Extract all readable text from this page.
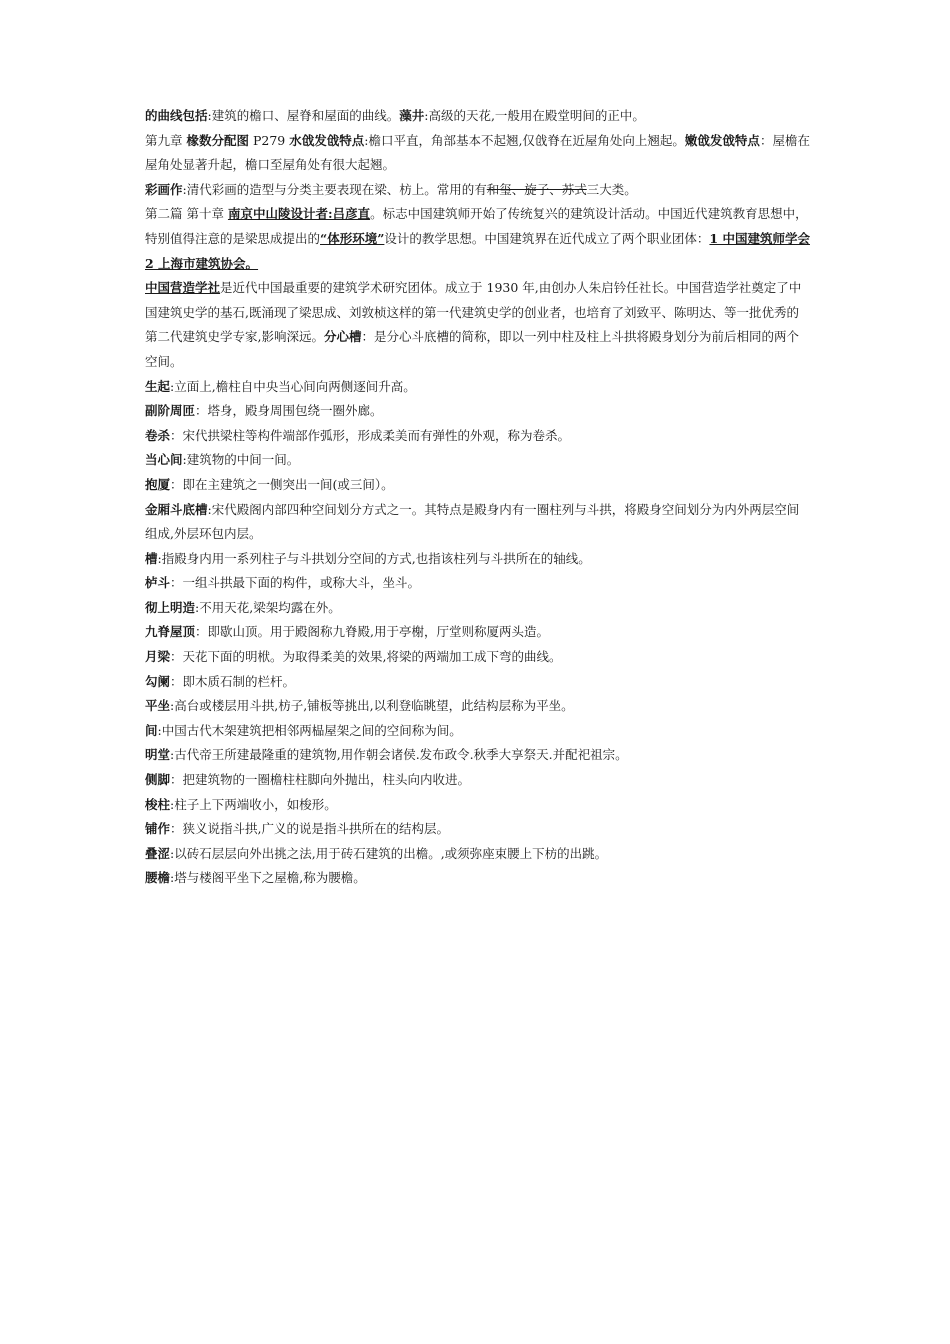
的曲线包括:建筑的檐口、屋脊和屋面的曲线。藻井:高级的天花,一般用在殿堂明间的正中。

第九章 椽数分配图 P279 水戗发戗特点:檐口平直，角部基本不起翘,仅戗脊在近屋角处向上翘起。嫩戗发戗特点：屋檐在屋角处显著升起，檐口至屋角处有很大起翘。

彩画作:清代彩画的造型与分类主要表现在梁、枋上。常用的有和玺、旋子、苏式三大类。

第二篇 第十章 南京中山陵设计者:吕彦直。标志中国建筑师开始了传统复兴的建筑设计活动。中国近代建筑教育思想中，特别值得注意的是梁思成提出的“体形环境”设计的教学思想。中国建筑界在近代成立了两个职业团体：1 中国建筑师学会 2 上海市建筑协会。

中国营造学社是近代中国最重要的建筑学术研究团体。成立于 1930 年,由创办人朱启钤任社长。中国营造学社奠定了中国建筑史学的基石,既涌现了梁思成、刘敦桢这样的第一代建筑史学的创业者，也培育了刘致平、陈明达、等一批优秀的第二代建筑史学专家,影响深远。分心槽：是分心斗底槽的简称，即以一列中柱及柱上斗拱将殿身划分为前后相同的两个空间。

生起:立面上,檐柱自中央当心间向两侧逐间升高。

副阶周匝：塔身，殿身周围包绕一圈外廊。

卷杀：宋代拱梁柱等构件端部作弧形，形成柔美而有弹性的外观，称为卷杀。

当心间:建筑物的中间一间。

抱厦：即在主建筑之一侧突出一间(或三间）。

金厢斗底槽:宋代殿阁内部四种空间划分方式之一。其特点是殿身内有一圈柱列与斗拱，将殿身空间划分为内外两层空间组成,外层环包内层。

槽:指殿身内用一系列柱子与斗拱划分空间的方式,也指该柱列与斗拱所在的轴线。

栌斗：一组斗拱最下面的构件，或称大斗，坐斗。

彻上明造:不用天花,梁架均露在外。

九脊屋顶：即歇山顶。用于殿阁称九脊殿,用于亭榭，厅堂则称厦两头造。

月梁：天花下面的明栿。为取得柔美的效果,将梁的两端加工成下弯的曲线。

勾阑：即木质石制的栏杆。

平坐:高台或楼层用斗拱,枋子,铺板等挑出,以利登临眺望，此结构层称为平坐。

间:中国古代木架建筑把相邻两榀屋架之间的空间称为间。

明堂:古代帝王所建最隆重的建筑物,用作朝会诸侯.发布政令.秋季大享祭天.并配祀祖宗。

侧脚：把建筑物的一圈檐柱柱脚向外抛出，柱头向内收进。

梭柱:柱子上下两端收小，如梭形。

铺作：狭义说指斗拱,广义的说是指斗拱所在的结构层。

叠涩:以砖石层层向外出挑之法,用于砖石建筑的出檐。,或须弥座束腰上下枋的出跳。

腰檐:塔与楼阁平坐下之屋檐,称为腰檐。
